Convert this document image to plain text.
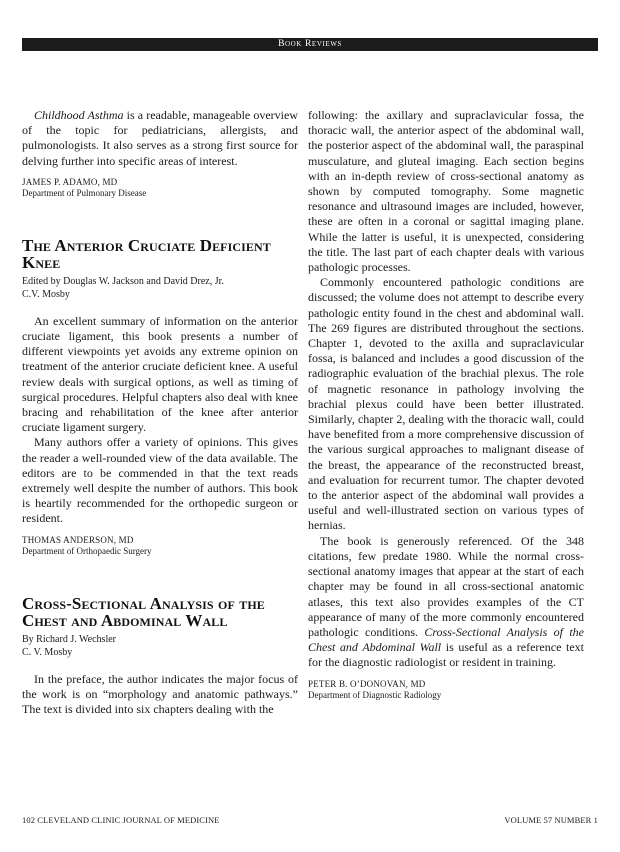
Book Reviews

Childhood Asthma is a readable, manageable overview of the topic for pediatricians, allergists, and pulmonologists. It also serves as a strong first source for delving further into specific areas of interest.

JAMES P. ADAMO, MD
Department of Pulmonary Disease
The Anterior Cruciate Deficient Knee
Edited by Douglas W. Jackson and David Drez, Jr.
C.V. Mosby

An excellent summary of information on the anterior cruciate ligament, this book presents a number of different viewpoints yet avoids any extreme opinion on treatment of the anterior cruciate deficient knee. A useful review deals with surgical options, as well as timing of surgical procedures. Helpful chapters also deal with knee bracing and rehabilitation of the knee after anterior cruciate ligament surgery.

Many authors offer a variety of opinions. This gives the reader a well-rounded view of the data available. The editors are to be commended in that the text reads extremely well despite the number of authors. This book is heartily recommended for the orthopedic surgeon or resident.

THOMAS ANDERSON, MD
Department of Orthopaedic Surgery
Cross-Sectional Analysis of the Chest and Abdominal Wall
By Richard J. Wechsler
C. V. Mosby

In the preface, the author indicates the major focus of the work is on “morphology and anatomic pathways.” The text is divided into six chapters dealing with the

following: the axillary and supraclavicular fossa, the thoracic wall, the anterior aspect of the abdominal wall, the posterior aspect of the abdominal wall, the paraspinal musculature, and gluteal imaging. Each section begins with an in-depth review of cross-sectional anatomy as shown by computed tomography. Some magnetic resonance and ultrasound images are included, however, these are often in a coronal or sagittal imaging plane. While the latter is useful, it is unexpected, considering the title. The last part of each chapter deals with various pathologic processes.

Commonly encountered pathologic conditions are discussed; the volume does not attempt to describe every pathologic entity found in the chest and abdominal wall. The 269 figures are distributed throughout the sections. Chapter 1, devoted to the axilla and supraclavicular fossa, is balanced and includes a good discussion of the radiographic evaluation of the brachial plexus. The role of magnetic resonance in pathology involving the brachial plexus could have been better illustrated. Similarly, chapter 2, dealing with the thoracic wall, could have benefited from a more comprehensive discussion of the various surgical approaches to malignant disease of the breast, the appearance of the reconstructed breast, and evaluation for recurrent tumor. The chapter devoted to the anterior aspect of the abdominal wall provides a useful and well-illustrated section on various types of hernias.

The book is generously referenced. Of the 348 citations, few predate 1980. While the normal cross-sectional anatomy images that appear at the start of each chapter may be found in all cross-sectional anatomic atlases, this text also provides examples of the CT appearance of many of the more commonly encountered pathologic conditions. Cross-Sectional Analysis of the Chest and Abdominal Wall is useful as a reference text for the diagnostic radiologist or resident in training.

PETER B. O’DONOVAN, MD
Department of Diagnostic Radiology
102 CLEVELAND CLINIC JOURNAL OF MEDICINE	VOLUME 57 NUMBER 1
